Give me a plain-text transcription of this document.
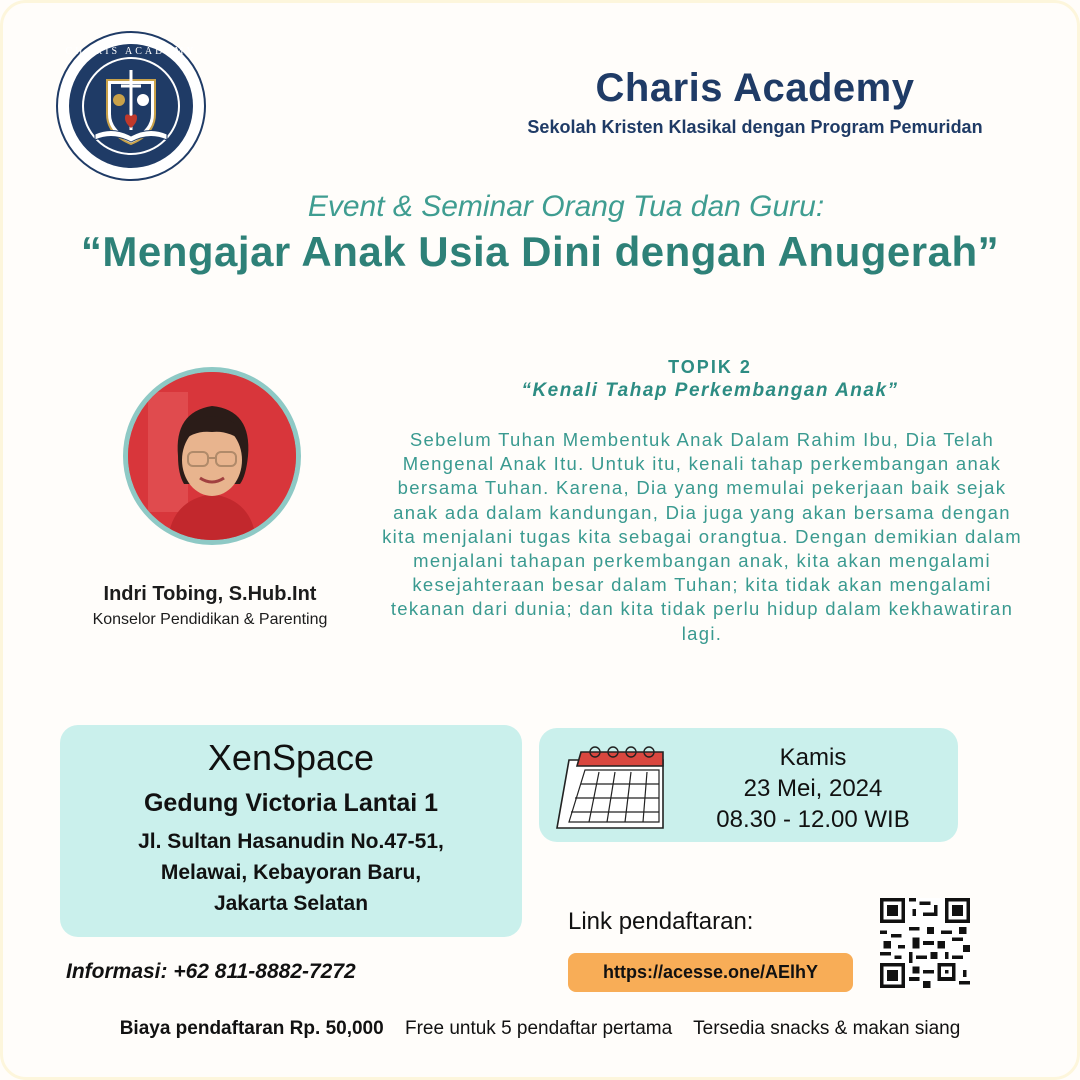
CHARIS ACADEMY
Charis Academy
Sekolah Kristen Klasikal dengan Program Pemuridan
Event & Seminar Orang Tua dan Guru:
“Mengajar Anak Usia Dini dengan Anugerah”
Indri Tobing, S.Hub.Int
Konselor Pendidikan & Parenting
TOPIK 2
“Kenali Tahap Perkembangan Anak”
Sebelum Tuhan Membentuk Anak Dalam Rahim Ibu, Dia Telah Mengenal Anak Itu. Untuk itu, kenali tahap perkembangan anak bersama Tuhan. Karena, Dia yang memulai pekerjaan baik sejak anak ada dalam kandungan, Dia juga yang akan bersama dengan kita menjalani tugas kita sebagai orangtua. Dengan demikian dalam menjalani tahapan perkembangan anak, kita akan mengalami kesejahteraan besar dalam Tuhan; kita tidak akan mengalami tekanan dari dunia; dan kita tidak perlu hidup dalam kekhawatiran lagi.
XenSpace
Gedung Victoria Lantai 1
Jl. Sultan Hasanudin No.47-51,
Melawai, Kebayoran Baru,
Jakarta Selatan
Kamis
23 Mei, 2024
08.30 - 12.00 WIB
Informasi: +62 811-8882-7272
Link pendaftaran:
https://acesse.one/AElhY
Biaya pendaftaran Rp. 50,000 Free untuk 5 pendaftar pertama Tersedia snacks & makan siang
